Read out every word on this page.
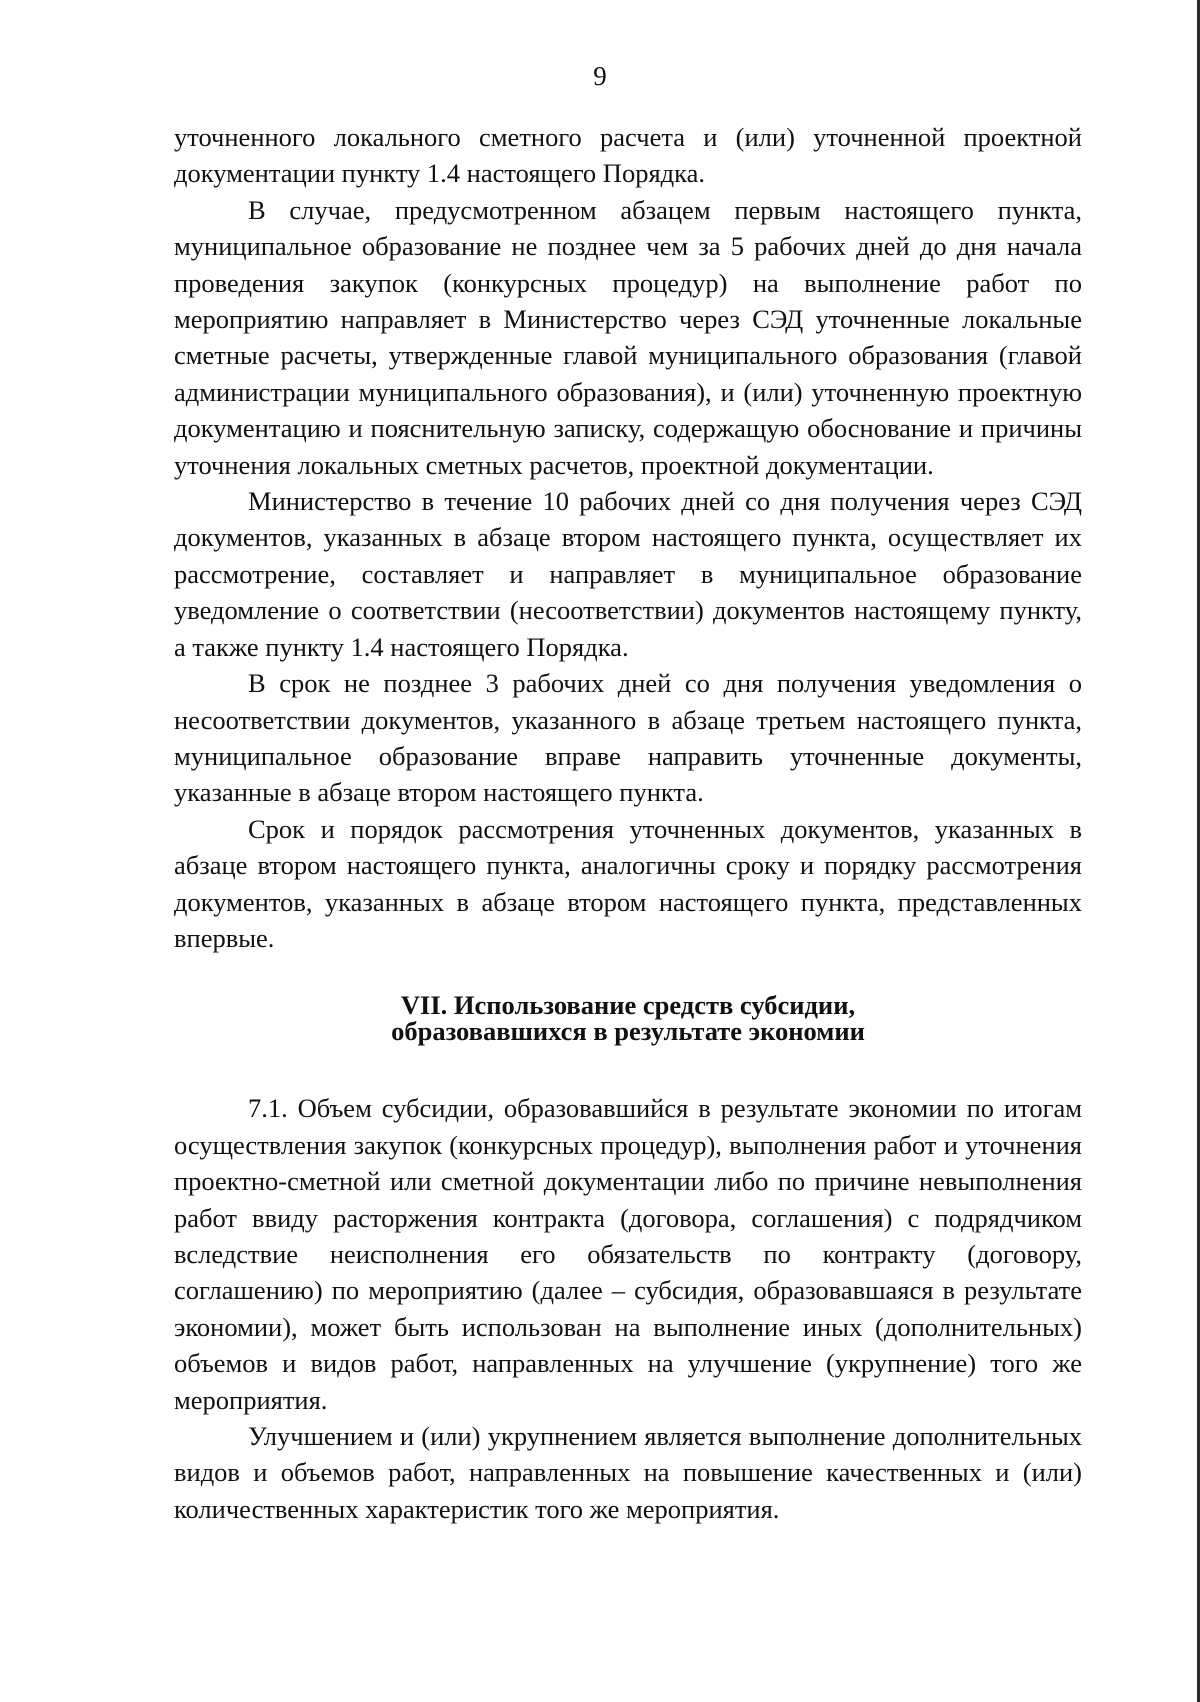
9

уточненного локального сметного расчета и (или) уточненной проектной документации пункту 1.4 настоящего Порядка.

В случае, предусмотренном абзацем первым настоящего пункта, муниципальное образование не позднее чем за 5 рабочих дней до дня начала проведения закупок (конкурсных процедур) на выполнение работ по мероприятию направляет в Министерство через СЭД уточненные локальные сметные расчеты, утвержденные главой муниципального образования (главой администрации муниципального образования), и (или) уточненную проектную документацию и пояснительную записку, содержащую обоснование и причины уточнения локальных сметных расчетов, проектной документации.

Министерство в течение 10 рабочих дней со дня получения через СЭД документов, указанных в абзаце втором настоящего пункта, осуществляет их рассмотрение, составляет и направляет в муниципальное образование уведомление о соответствии (несоответствии) документов настоящему пункту, а также пункту 1.4 настоящего Порядка.

В срок не позднее 3 рабочих дней со дня получения уведомления о несоответствии документов, указанного в абзаце третьем настоящего пункта, муниципальное образование вправе направить уточненные документы, указанные в абзаце втором настоящего пункта.

Срок и порядок рассмотрения уточненных документов, указанных в абзаце втором настоящего пункта, аналогичны сроку и порядку рассмотрения документов, указанных в абзаце втором настоящего пункта, представленных впервые.

VII. Использование средств субсидии,
образовавшихся в результате экономии

7.1. Объем субсидии, образовавшийся в результате экономии по итогам осуществления закупок (конкурсных процедур), выполнения работ и уточнения проектно-сметной или сметной документации либо по причине невыполнения работ ввиду расторжения контракта (договора, соглашения) с подрядчиком вследствие неисполнения его обязательств по контракту (договору, соглашению) по мероприятию (далее – субсидия, образовавшаяся в результате экономии), может быть использован на выполнение иных (дополнительных) объемов и видов работ, направленных на улучшение (укрупнение) того же мероприятия.

Улучшением и (или) укрупнением является выполнение дополнительных видов и объемов работ, направленных на повышение качественных и (или) количественных характеристик того же мероприятия.
